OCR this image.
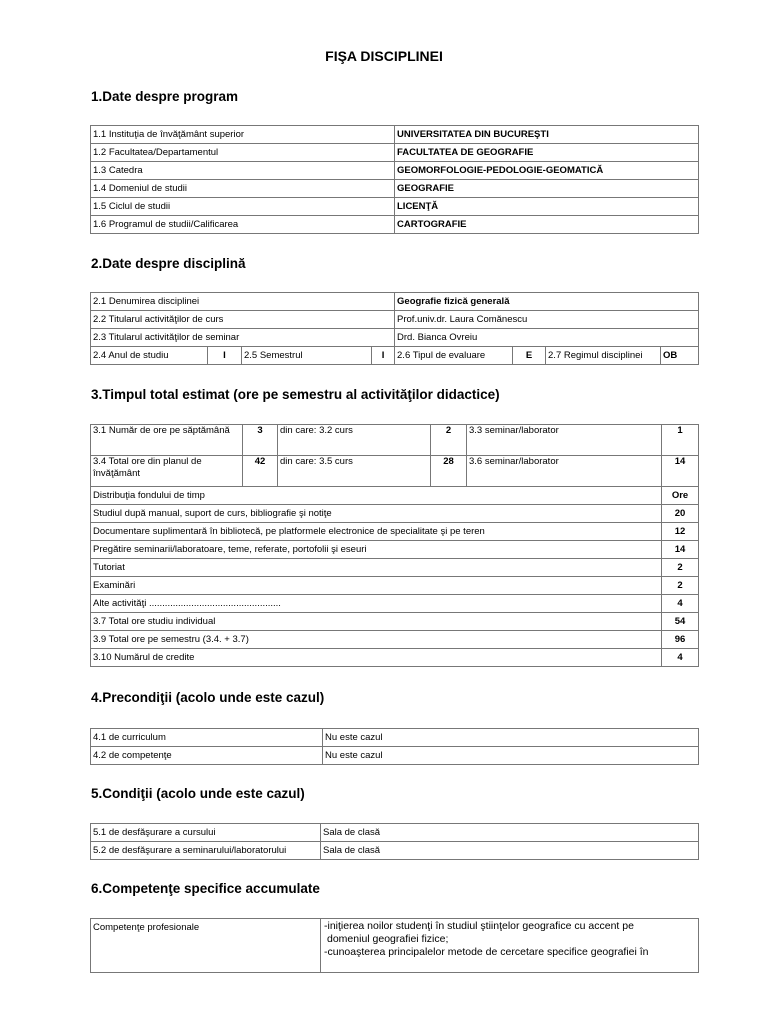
FIŞA DISCIPLINEI
1.Date despre program
1.1 Instituţia de învăţământ superior	UNIVERSITATEA DIN BUCUREŞTI
1.2 Facultatea/Departamentul	FACULTATEA DE GEOGRAFIE
1.3 Catedra	GEOMORFOLOGIE-PEDOLOGIE-GEOMATICĂ
1.4 Domeniul de studii	GEOGRAFIE
1.5 Ciclul de studii	LICENŢĂ
1.6 Programul de studii/Calificarea	CARTOGRAFIE
2.Date despre disciplină
2.1 Denumirea disciplinei				Geografie fizică generală			
2.2 Titularul activităţilor de curs				Prof.univ.dr. Laura Comănescu			
2.3 Titularul activităţilor de seminar				Drd. Bianca Ovreiu			
2.4 Anul de studiu	I	2.5 Semestrul	I	2.6 Tipul de evaluare	E	2.7 Regimul disciplinei	OB
3.Timpul total estimat (ore pe semestru al activităţilor didactice)
3.1 Număr de ore pe săptămână	3	din care: 3.2 curs	2	3.3 seminar/laborator	1
3.4 Total ore din planul de învăţământ	42	din care: 3.5 curs	28	3.6 seminar/laborator	14
Distribuţia fondului de timp					Ore
Studiul după manual, suport de curs, bibliografie şi notiţe					20
Documentare suplimentară în bibliotecă, pe platformele electronice de specialitate şi pe teren					12
Pregătire seminarii/laboratoare, teme, referate, portofolii şi eseuri					14
Tutoriat					2
Examinări					2
Alte activităţi ..................................................					4
3.7 Total ore studiu individual					54
3.9 Total ore pe semestru (3.4. + 3.7)					96
3.10 Numărul de credite					4
4.Precondiţii (acolo unde este cazul)
4.1 de curriculum	Nu este cazul
4.2 de competenţe	Nu este cazul
5.Condiţii (acolo unde este cazul)
5.1 de desfăşurare a cursului	Sala de clasă
5.2 de desfăşurare a seminarului/laboratorului	Sala de clasă
6.Competenţe specifice accumulate
Competenţe profesionale	-iniţierea noilor studenţi în studiul ştiinţelor geografice cu accent pe
domeniul geografiei fizice;
-cunoaşterea principalelor metode de cercetare specifice geografiei în
